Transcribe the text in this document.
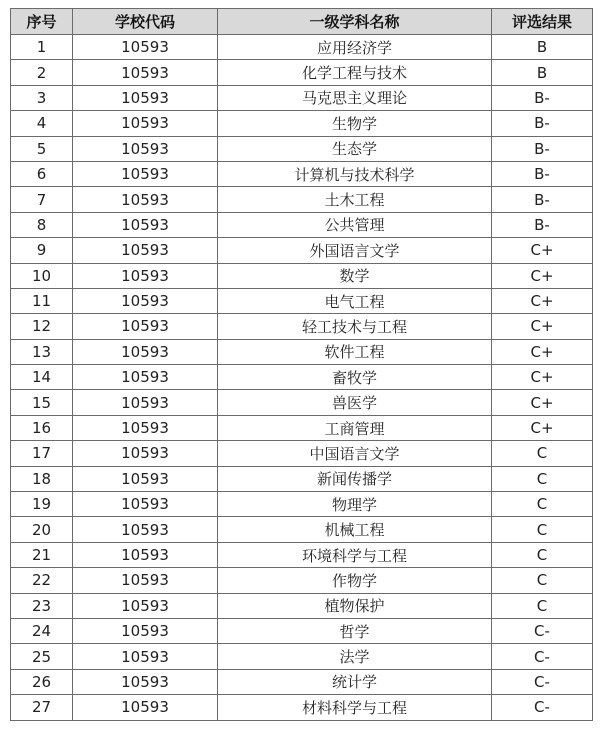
序号	学校代码	一级学科名称	评选结果
1	10593	应用经济学	B
2	10593	化学工程与技术	B
3	10593	马克思主义理论	B-
4	10593	生物学	B-
5	10593	生态学	B-
6	10593	计算机与技术科学	B-
7	10593	土木工程	B-
8	10593	公共管理	B-
9	10593	外国语言文学	C+
10	10593	数学	C+
11	10593	电气工程	C+
12	10593	轻工技术与工程	C+
13	10593	软件工程	C+
14	10593	畜牧学	C+
15	10593	兽医学	C+
16	10593	工商管理	C+
17	10593	中国语言文学	C
18	10593	新闻传播学	C
19	10593	物理学	C
20	10593	机械工程	C
21	10593	环境科学与工程	C
22	10593	作物学	C
23	10593	植物保护	C
24	10593	哲学	C-
25	10593	法学	C-
26	10593	统计学	C-
27	10593	材料科学与工程	C-
